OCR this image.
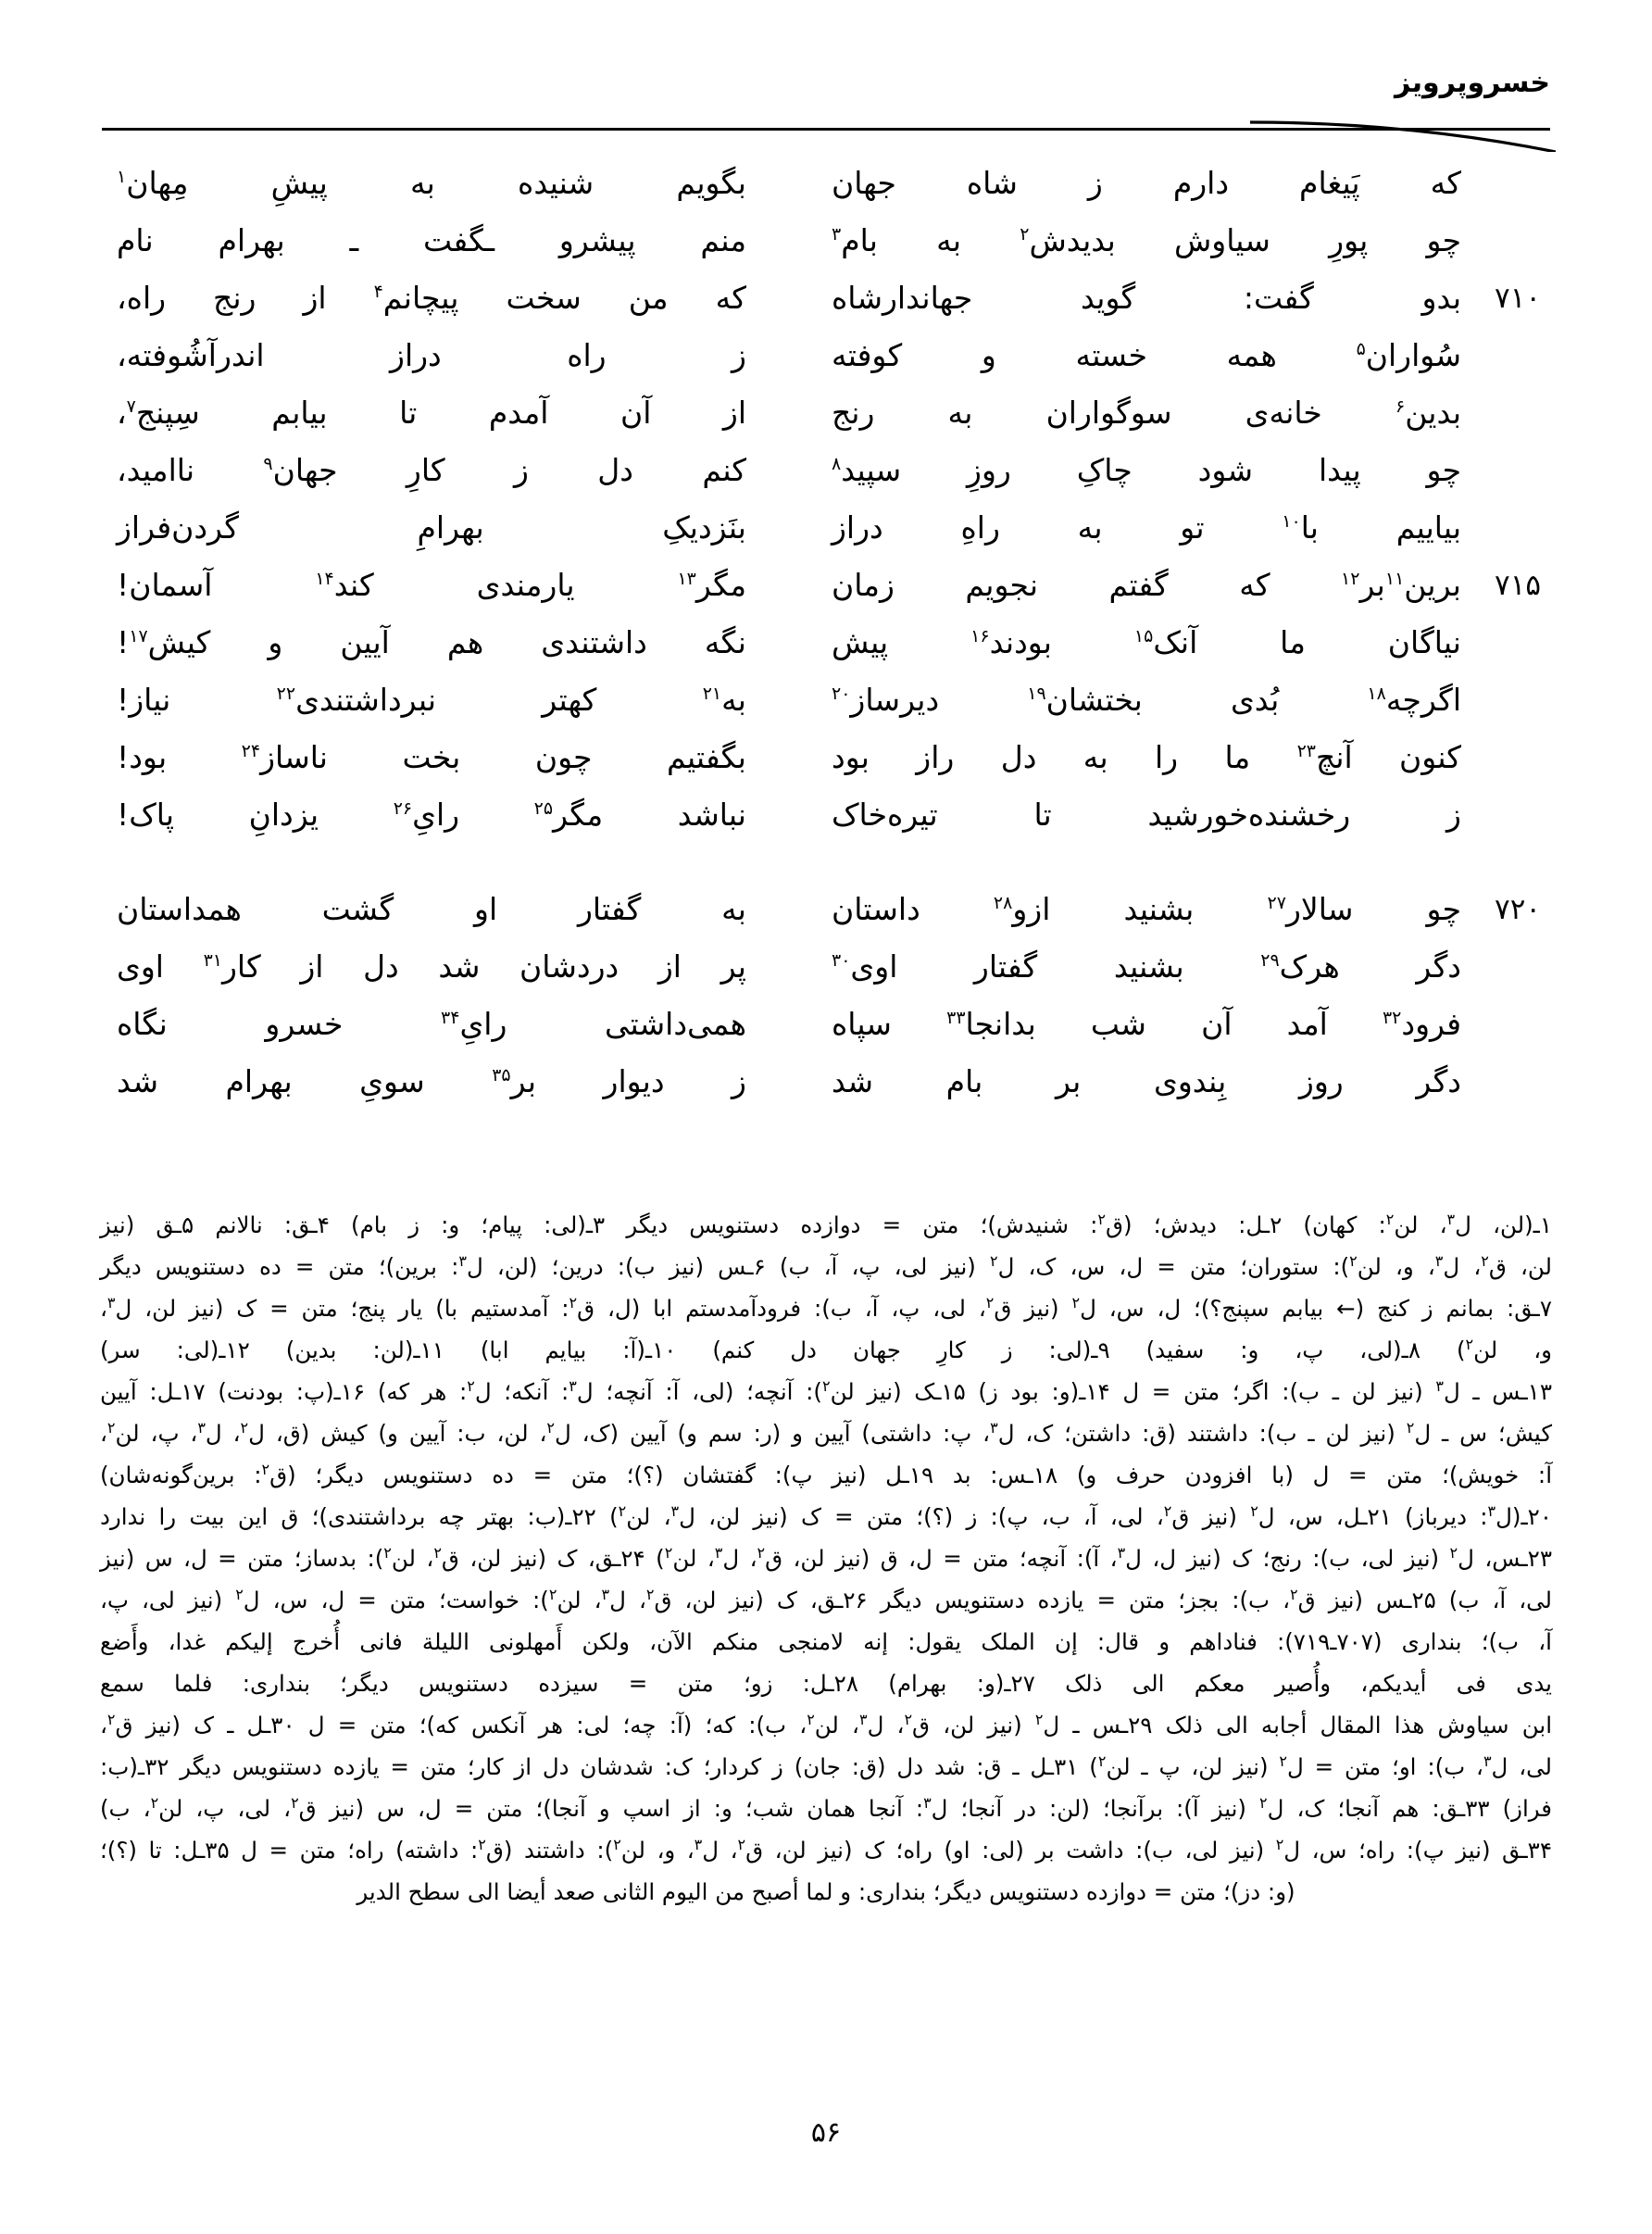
خسروپرویز
که پَیغام دارم ز شاه جهان
بگویم شنیده به پیشِ مِهان$^۱$
چو پورِ سیاوش بدیدش$^۲$ به بام$^۳$
منم پیشرو ـگفت ـ بهرام نام
۷۱۰
بدو گفت: گوید جهاندارشاه
که من سخت پیچانم$^۴$ از رنج راه،
سُواران$^۵$ همه خسته و کوفته
ز راه دراز اندرآشُوفته،
بدین$^۶$ خانه‌ی سوگواران به رنج
از آن آمدم تا بیابم سِپنج$^۷$،
چو پیدا شود چاکِ روزِ سپید$^۸$
کنم دل ز کارِ جهان$^۹$ ناامید،
بیاییم با$^{۱۰}$ تو به راهِ دراز
بنَزدیکِ بهرامِ گردن‌فراز
۷۱۵
برین$^{۱۱}$بر$^{۱۲}$ که گفتم نجویم زمان
مگر$^{۱۳}$ یارمندی کند$^{۱۴}$ آسمان!
نیاگان ما آنک$^{۱۵}$ بودند$^{۱۶}$ پیش
نگه داشتندی هم آیین و کیش$^{۱۷}$!
اگرچه$^{۱۸}$ بُدی بختشان$^{۱۹}$ دیرساز$^{۲۰}$
به$^{۲۱}$ کهتر نبرداشتندی$^{۲۲}$ نیاز!
کنون آنچ$^{۲۳}$ ما را به دل راز بود
بگفتیم چون بخت ناساز$^{۲۴}$ بود!
ز رخشنده‌خورشید تا تیره‌خاک
نباشد مگر$^{۲۵}$ رایِ$^{۲۶}$ یزدانِ پاک!
۷۲۰
چو سالار$^{۲۷}$ بشنید ازو$^{۲۸}$ داستان
به گفتار او گشت همداستان
دگر هرک$^{۲۹}$ بشنید گفتار اوی$^{۳۰}$
پر از دردشان شد دل از کار$^{۳۱}$ اوی
فرود$^{۳۲}$ آمد آن شب بدانجا$^{۳۳}$ سپاه
همی‌داشتی رایِ$^{۳۴}$ خسرو نگاه
دگر روز بِندوی بر بام شد
ز دیوار بر$^{۳۵}$ سویِ بهرام شد
۱ـ(لن، ل$^۳$، لن$^۲$: کهان) ۲ـل: دیدش؛ (ق$^۲$: شنیدش)؛ متن = دوازده دستنویس دیگر ۳ـ(لی: پیام؛ و: ز بام) ۴ـق: نالانم ۵ـق (نیز
لن، ق$^۲$، ل$^۳$، و، لن$^۲$): ستوران؛ متن = ل، س، ک، ل$^۲$ (نیز لی، پ، آ، ب) ۶ـس (نیز ب): درین؛ (لن، ل$^۳$: برین)؛ متن = ده دستنویس دیگر
۷ـق: بمانم ز کنج (← بیابم سپنج؟)؛ ل، س، ل$^۲$ (نیز ق$^۲$، لی، پ، آ، ب): فرودآمدستم ابا (ل، ق$^۲$: آمدستیم با) یار پنج؛ متن = ک (نیز لن، ل$^۳$،
و، لن$^۲$) ۸ـ(لی، پ، و: سفید) ۹ـ(لی: ز کارِ جهان دل کنم) ۱۰ـ(آ: بیایم ابا) ۱۱ـ(لن: بدین) ۱۲ـ(لی: سر)
۱۳ـس ـ ل$^۳$ (نیز لن ـ ب): اگر؛ متن = ل ۱۴ـ(و: بود ز) ۱۵ـک (نیز لن$^۲$): آنچه؛ (لی، آ: آنچه؛ ل$^۳$: آنکه؛ ل$^۲$: هر که) ۱۶ـ(پ: بودنت) ۱۷ـل: آیین
کیش؛ س ـ ل$^۲$ (نیز لن ـ ب): داشتند (ق: داشتن؛ ک، ل$^۳$، پ: داشتی) آیین و (ر: سم و) آیین (ک، ل$^۲$، لن، ب: آیین و) کیش (ق، ل$^۲$، ل$^۳$، پ، لن$^۲$،
آ: خویش)؛ متن = ل (با افزودن حرف و) ۱۸ـس: بد ۱۹ـل (نیز پ): گفتشان (؟)؛ متن = ده دستنویس دیگر؛ (ق$^۲$: برین‌گونه‌شان)
۲۰ـ(ل$^۳$: دیرباز) ۲۱ـل، س، ل$^۲$ (نیز ق$^۲$، لی، آ، ب، پ): ز (؟)؛ متن = ک (نیز لن، ل$^۳$، لن$^۲$) ۲۲ـ(ب: بهتر چه برداشتندی)؛ ق این بیت را ندارد
۲۳ـس، ل$^۲$ (نیز لی، ب): رنج؛ ک (نیز ل، ل$^۳$، آ): آنچه؛ متن = ل، ق (نیز لن، ق$^۲$، ل$^۳$، لن$^۲$) ۲۴ـق، ک (نیز لن، ق$^۲$، لن$^۲$): بدساز؛ متن = ل، س (نیز
لی، آ، ب) ۲۵ـس (نیز ق$^۲$، ب): بجز؛ متن = یازده دستنویس دیگر ۲۶ـق، ک (نیز لن، ق$^۲$، ل$^۳$، لن$^۲$): خواست؛ متن = ل، س، ل$^۲$ (نیز لی، پ،
آ، ب)؛ بنداری (۷۰۷ـ۷۱۹): فناداهم و قال: إن الملک یقول: إنه لامنجی منکم الآن، ولکن أَمهلونی اللیلة فانی أُخرج إلیکم غدا، وأَضع
یدی فی أیدیکم، وأُصیر معکم الی ذلک ۲۷ـ(و: بهرام) ۲۸ـل: زو؛ متن = سیزده دستنویس دیگر؛ بنداری: فلما سمع
ابن سیاوش هذا المقال أجابه الی ذلک ۲۹ـس ـ ل$^۲$ (نیز لن، ق$^۲$، ل$^۳$، لن$^۲$، ب): که؛ (آ: چه؛ لی: هر آنکس که)؛ متن = ل ۳۰ـل ـ ک (نیز ق$^۲$،
لی، ل$^۳$، ب): او؛ متن = ل$^۲$ (نیز لن، پ ـ لن$^۲$) ۳۱ـل ـ ق: شد دل (ق: جان) ز کردار؛ ک: شدشان دل از کار؛ متن = یازده دستنویس دیگر ۳۲ـ(ب:
فراز) ۳۳ـق: هم آنجا؛ ک، ل$^۲$ (نیز آ): برآنجا؛ (لن: در آنجا؛ ل$^۳$: آنجا همان شب؛ و: از اسپ و آنجا)؛ متن = ل، س (نیز ق$^۲$، لی، پ، لن$^۲$، ب)
۳۴ـق (نیز پ): راه؛ س، ل$^۲$ (نیز لی، ب): داشت بر (لی: او) راه؛ ک (نیز لن، ق$^۲$، ل$^۳$، و، لن$^۲$): داشتند (ق$^۲$: داشته) راه؛ متن = ل ۳۵ـل: تا (؟)؛
(و: دز)؛ متن = دوازده دستنویس دیگر؛ بنداری: و لما أصبح من الیوم الثانی صعد أیضا الی سطح الدیر
۵۶
